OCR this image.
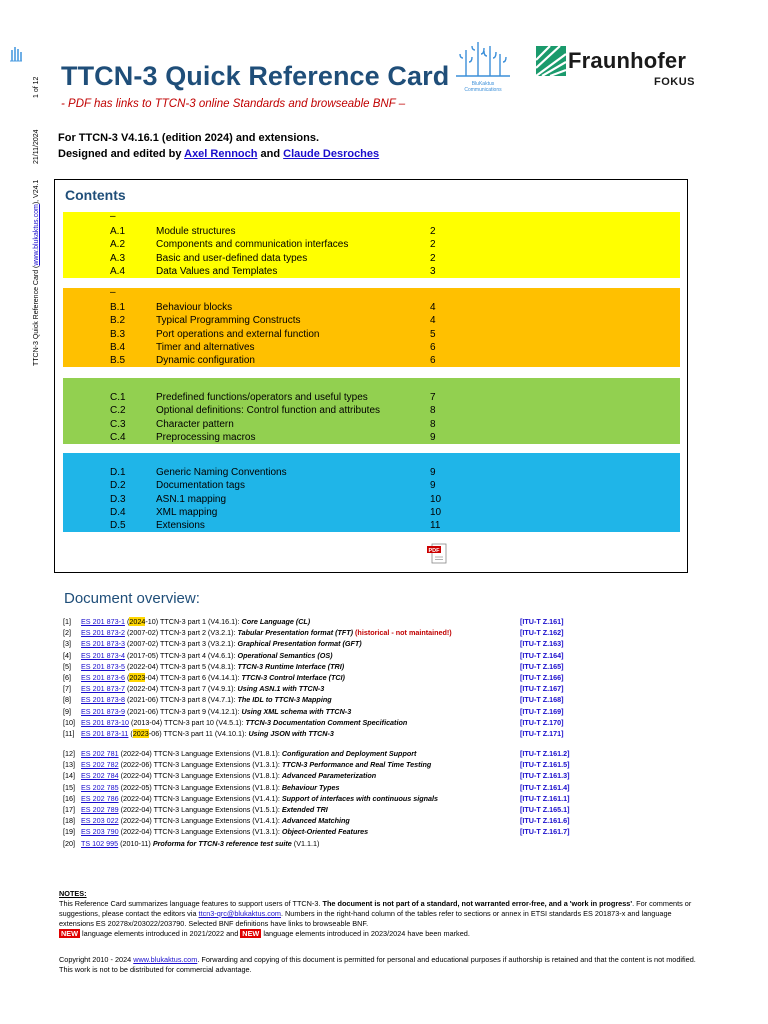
1 of 12
21/11/2024
TTCN-3 Quick Reference Card (www.blukaktus.com), V24.1
TTCN-3 Quick Reference Card
- PDF has links to TTCN-3 online Standards and browseable BNF –
BluKaktus
Communications
Fraunhofer
FOKUS
For TTCN-3 V4.16.1 (edition 2024) and extensions.
Designed and edited by Axel Rennoch and Claude Desroches
Contents
–
A.1	Module structures	2
A.2	Components and communication interfaces	2
A.3	Basic and user-defined data types	2
A.4	Data Values and Templates	3
–
B.1	Behaviour blocks	4
B.2	Typical Programming Constructs	4
B.3	Port operations and external function	5
B.4	Timer and alternatives	6
B.5	Dynamic configuration	6
C.1	Predefined functions/operators and useful types	7
C.2	Optional definitions: Control function and attributes	8
C.3	Character pattern	8
C.4	Preprocessing macros	9
D.1	Generic Naming Conventions	9
D.2	Documentation tags	9
D.3	ASN.1 mapping	10
D.4	XML mapping	10
D.5	Extensions	11
PDF
Document overview:
[1] ES 201 873-1 (2024-10) TTCN-3 part 1 (V4.16.1): Core Language (CL)	[ITU-T Z.161]
[2] ES 201 873-2 (2007-02) TTCN-3 part 2 (V3.2.1): Tabular Presentation format (TFT) (historical - not maintained!)	[ITU-T Z.162]
[3] ES 201 873-3 (2007-02) TTCN-3 part 3 (V3.2.1): Graphical Presentation format (GFT)	[ITU-T Z.163]
[4] ES 201 873-4 (2017-05) TTCN-3 part 4 (V4.6.1): Operational Semantics (OS)	[ITU-T Z.164]
[5] ES 201 873-5 (2022-04) TTCN-3 part 5 (V4.8.1): TTCN-3 Runtime Interface (TRI)	[ITU-T Z.165]
[6] ES 201 873-6 (2023-04) TTCN-3 part 6 (V4.14.1): TTCN-3 Control Interface (TCI)	[ITU-T Z.166]
[7] ES 201 873-7 (2022-04) TTCN-3 part 7 (V4.9.1): Using ASN.1 with TTCN-3	[ITU-T Z.167]
[8] ES 201 873-8 (2021-06) TTCN-3 part 8 (V4.7.1): The IDL to TTCN-3 Mapping	[ITU-T Z.168]
[9] ES 201 873-9 (2021-06) TTCN-3 part 9 (V4.12.1): Using XML schema with TTCN-3	[ITU-T Z.169]
[10] ES 201 873-10 (2013-04) TTCN-3 part 10 (V4.5.1): TTCN-3 Documentation Comment Specification	[ITU-T Z.170]
[11] ES 201 873-11 (2023-06) TTCN-3 part 11 (V4.10.1): Using JSON with TTCN-3	[ITU-T Z.171]
[12] ES 202 781 (2022-04) TTCN-3 Language Extensions (V1.8.1): Configuration and Deployment Support	[ITU-T Z.161.2]
[13] ES 202 782 (2022-06) TTCN-3 Language Extensions (V1.3.1): TTCN-3 Performance and Real Time Testing	[ITU-T Z.161.5]
[14] ES 202 784 (2022-04) TTCN-3 Language Extensions (V1.8.1): Advanced Parameterization	[ITU-T Z.161.3]
[15] ES 202 785 (2022-05) TTCN-3 Language Extensions (V1.8.1): Behaviour Types	[ITU-T Z.161.4]
[16] ES 202 786 (2022-04) TTCN-3 Language Extensions (V1.4.1): Support of interfaces with continuous signals	[ITU-T Z.161.1]
[17] ES 202 789 (2022-04) TTCN-3 Language Extensions (V1.5.1): Extended TRI	[ITU-T Z.165.1]
[18] ES 203 022 (2022-04) TTCN-3 Language Extensions (V1.4.1): Advanced Matching	[ITU-T Z.161.6]
[19] ES 203 790 (2022-04) TTCN-3 Language Extensions (V1.3.1): Object-Oriented Features	[ITU-T Z.161.7]
[20] TS 102 995 (2010-11) Proforma for TTCN-3 reference test suite (V1.1.1)
NOTES:
This Reference Card summarizes language features to support users of TTCN-3. The document is not part of a standard, not warranted error-free, and a 'work in progress'. For comments or suggestions, please contact the editors via ttcn3-qrc@blukaktus.com. Numbers in the right-hand column of the tables refer to sections or annex in ETSI standards ES 201873-x and language extensions ES 20278x/203022/203790. Selected BNF definitions have links to browseable BNF.
NEW language elements introduced in 2021/2022 and NEW language elements introduced in 2023/2024 have been marked.
Copyright 2010 - 2024 www.blukaktus.com. Forwarding and copying of this document is permitted for personal and educational purposes if authorship is retained and that the content is not modified. This work is not to be distributed for commercial advantage.
